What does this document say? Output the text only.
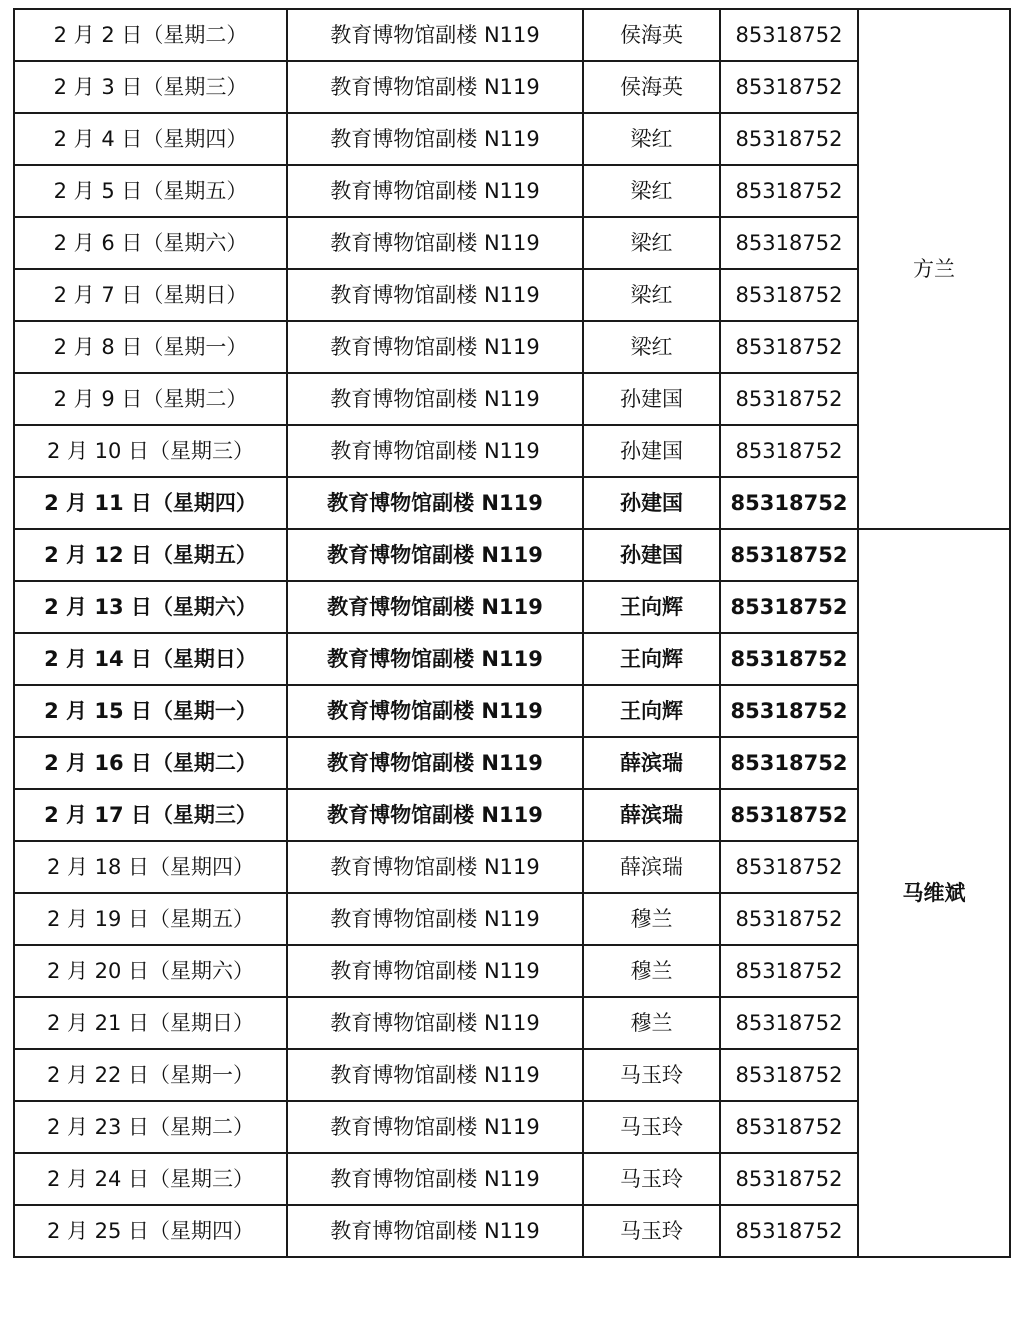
2 月 2 日（星期二）	教育博物馆副楼 N119	侯海英	85318752	方兰
2 月 3 日（星期三）	教育博物馆副楼 N119	侯海英	85318752	
2 月 4 日（星期四）	教育博物馆副楼 N119	梁红	85318752	
2 月 5 日（星期五）	教育博物馆副楼 N119	梁红	85318752	
2 月 6 日（星期六）	教育博物馆副楼 N119	梁红	85318752	
2 月 7 日（星期日）	教育博物馆副楼 N119	梁红	85318752	
2 月 8 日（星期一）	教育博物馆副楼 N119	梁红	85318752	
2 月 9 日（星期二）	教育博物馆副楼 N119	孙建国	85318752	
2 月 10 日（星期三）	教育博物馆副楼 N119	孙建国	85318752	
2 月 11 日（星期四）	教育博物馆副楼 N119	孙建国	85318752	
2 月 12 日（星期五）	教育博物馆副楼 N119	孙建国	85318752	马维斌
2 月 13 日（星期六）	教育博物馆副楼 N119	王向辉	85318752	
2 月 14 日（星期日）	教育博物馆副楼 N119	王向辉	85318752	
2 月 15 日（星期一）	教育博物馆副楼 N119	王向辉	85318752	
2 月 16 日（星期二）	教育博物馆副楼 N119	薛滨瑞	85318752	
2 月 17 日（星期三）	教育博物馆副楼 N119	薛滨瑞	85318752	
2 月 18 日（星期四）	教育博物馆副楼 N119	薛滨瑞	85318752	
2 月 19 日（星期五）	教育博物馆副楼 N119	穆兰	85318752	
2 月 20 日（星期六）	教育博物馆副楼 N119	穆兰	85318752	
2 月 21 日（星期日）	教育博物馆副楼 N119	穆兰	85318752	
2 月 22 日（星期一）	教育博物馆副楼 N119	马玉玲	85318752	
2 月 23 日（星期二）	教育博物馆副楼 N119	马玉玲	85318752	
2 月 24 日（星期三）	教育博物馆副楼 N119	马玉玲	85318752	
2 月 25 日（星期四）	教育博物馆副楼 N119	马玉玲	85318752	
